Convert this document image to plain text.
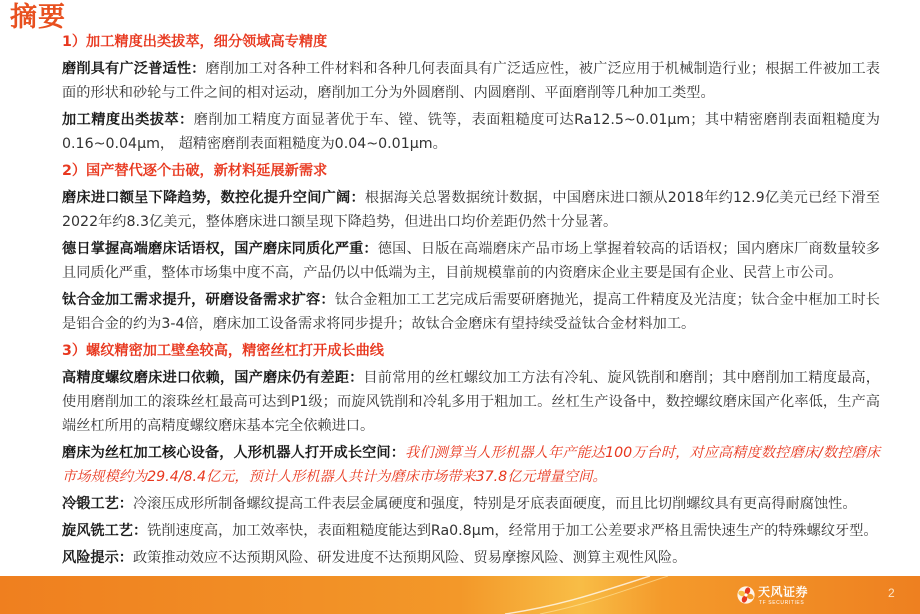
摘要

1）加工精度出类拔萃，细分领域高专精度

磨削具有广泛普适性：磨削加工对各种工件材料和各种几何表面具有广泛适应性，被广泛应用于机械制造行业；根据工件被加工表面的形状和砂轮与工件之间的相对运动，磨削加工分为外圆磨削、内圆磨削、平面磨削等几种加工类型。

加工精度出类拔萃：磨削加工精度方面显著优于车、镗、铣等，表面粗糙度可达Ra12.5~0.01μm；其中精密磨削表面粗糙度为0.16~0.04μm， 超精密磨削表面粗糙度为0.04~0.01μm。

2）国产替代逐个击破，新材料延展新需求

磨床进口额呈下降趋势，数控化提升空间广阔：根据海关总署数据统计数据，中国磨床进口额从2018年约12.9亿美元已经下滑至2022年约8.3亿美元，整体磨床进口额呈现下降趋势，但进出口均价差距仍然十分显著。

德日掌握高端磨床话语权，国产磨床同质化严重：德国、日版在高端磨床产品市场上掌握着较高的话语权；国内磨床厂商数量较多且同质化严重，整体市场集中度不高，产品仍以中低端为主，目前规模靠前的内资磨床企业主要是国有企业、民营上市公司。

钛合金加工需求提升，研磨设备需求扩容：钛合金粗加工工艺完成后需要研磨抛光，提高工件精度及光洁度；钛合金中框加工时长是铝合金的约为3-4倍，磨床加工设备需求将同步提升；故钛合金磨床有望持续受益钛合金材料加工。

3）螺纹精密加工壁垒较高，精密丝杠打开成长曲线

高精度螺纹磨床进口依赖，国产磨床仍有差距：目前常用的丝杠螺纹加工方法有冷轧、旋风铣削和磨削；其中磨削加工精度最高，使用磨削加工的滚珠丝杠最高可达到P1级；而旋风铣削和冷轧多用于粗加工。丝杠生产设备中，数控螺纹磨床国产化率低，生产高端丝杠所用的高精度螺纹磨床基本完全依赖进口。

磨床为丝杠加工核心设备，人形机器人打开成长空间：我们测算当人形机器人年产能达100万台时，对应高精度数控磨床/数控磨床市场规模约为29.4/8.4亿元，预计人形机器人共计为磨床市场带来37.8亿元增量空间。

冷锻工艺：冷滚压成形所制备螺纹提高工件表层金属硬度和强度，特别是牙底表面硬度，而且比切削螺纹具有更高得耐腐蚀性。

旋风铣工艺：铣削速度高，加工效率快，表面粗糙度能达到Ra0.8μm，经常用于加工公差要求严格且需快速生产的特殊螺纹牙型。

风险提示：政策推动效应不达预期风险、研发进度不达预期风险、贸易摩擦风险、测算主观性风险。

天风证券
TF SECURITIES
2
